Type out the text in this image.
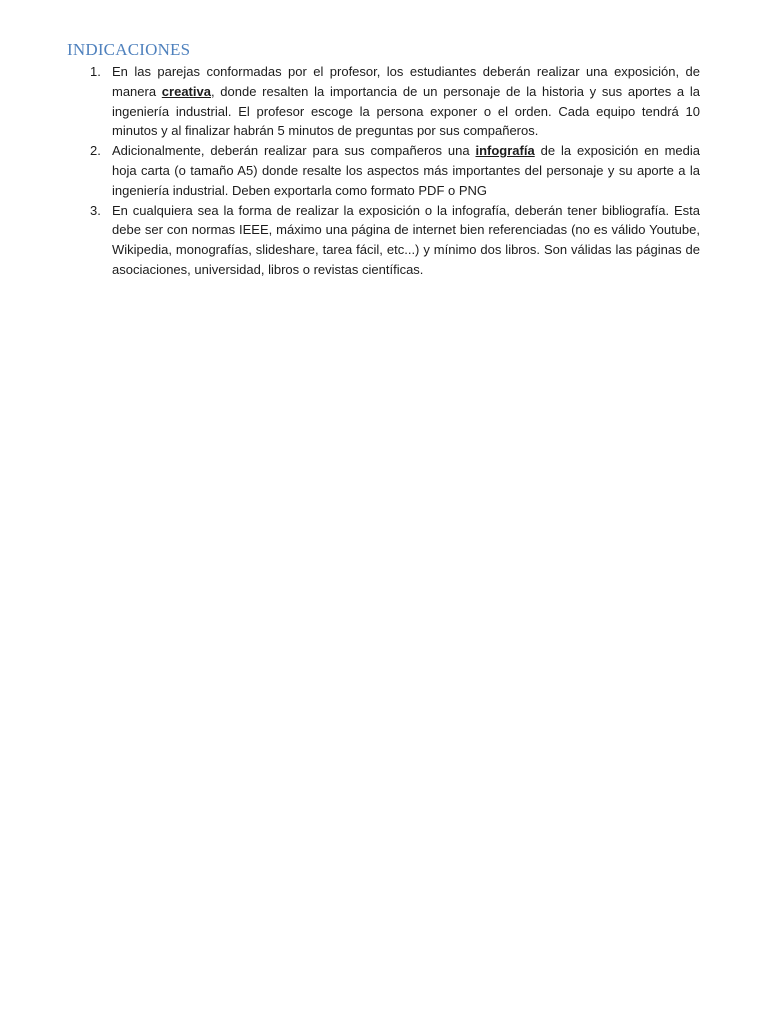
INDICACIONES
1. En las parejas conformadas por el profesor, los estudiantes deberán realizar una exposición, de manera creativa, donde resalten la importancia de un personaje de la historia y sus aportes a la ingeniería industrial. El profesor escoge la persona exponer o el orden. Cada equipo tendrá 10 minutos y al finalizar habrán 5 minutos de preguntas por sus compañeros.
2. Adicionalmente, deberán realizar para sus compañeros una infografía de la exposición en media hoja carta (o tamaño A5) donde resalte los aspectos más importantes del personaje y su aporte a la ingeniería industrial. Deben exportarla como formato PDF o PNG
3. En cualquiera sea la forma de realizar la exposición o la infografía, deberán tener bibliografía. Esta debe ser con normas IEEE, máximo una página de internet bien referenciadas (no es válido Youtube, Wikipedia, monografías, slideshare, tarea fácil, etc...) y mínimo dos libros. Son válidas las páginas de asociaciones, universidad, libros o revistas científicas.
